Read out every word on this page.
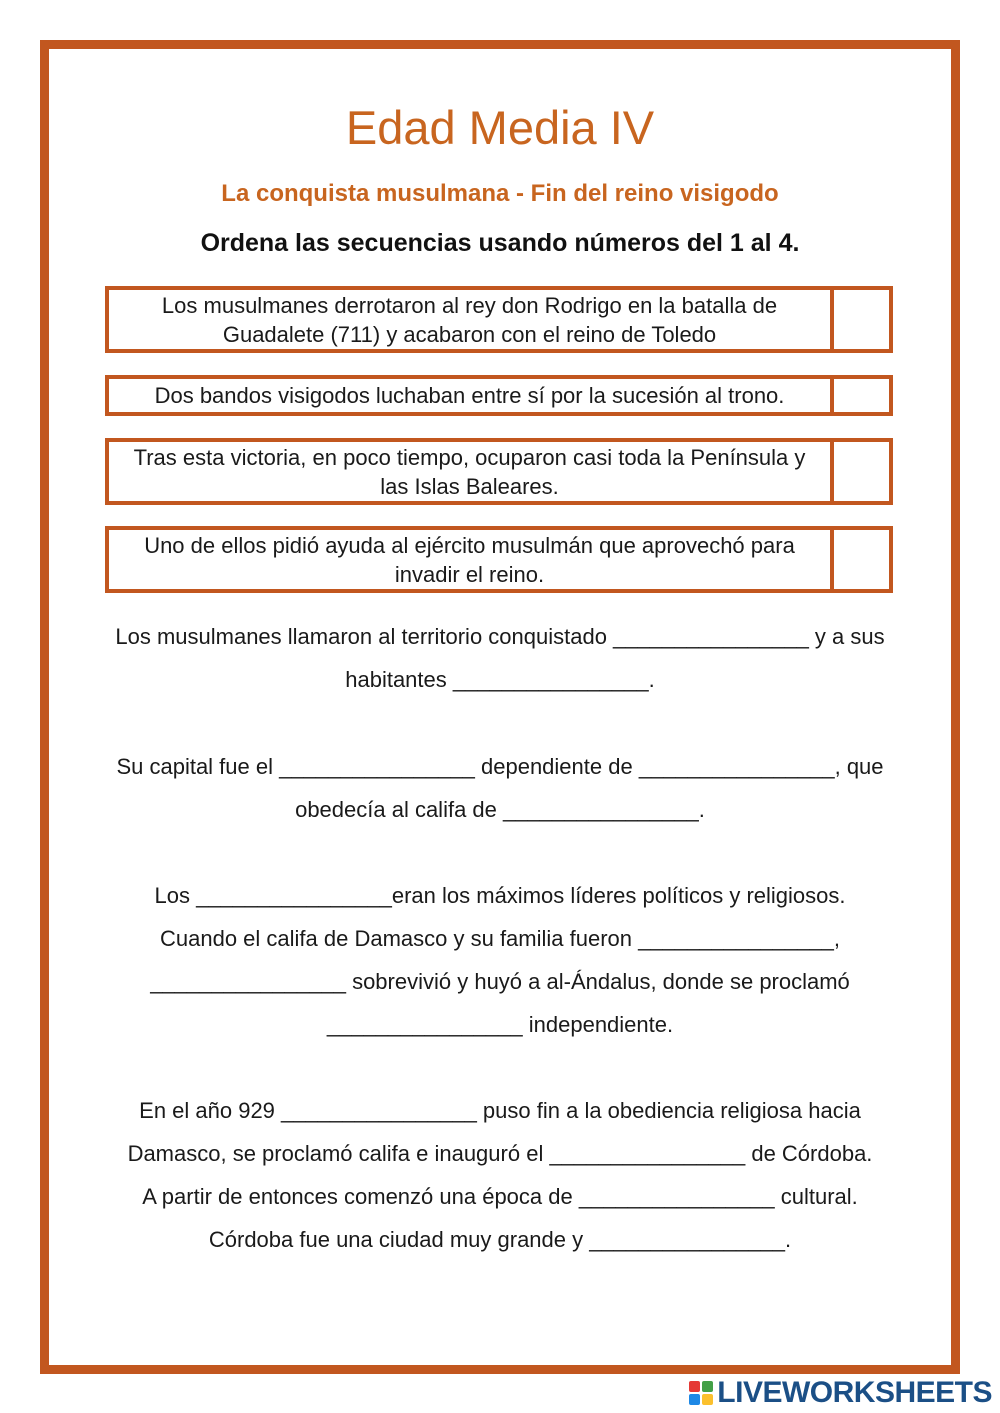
Edad Media IV
La conquista musulmana - Fin del reino visigodo

Ordena las secuencias usando números del 1 al 4.

Los musulmanes derrotaron al rey don Rodrigo en la batalla de Guadalete (711) y acabaron con el reino de Toledo
Dos bandos visigodos luchaban entre sí por la sucesión al trono.
Tras esta victoria, en poco tiempo, ocuparon casi toda la Península y las Islas Baleares.
Uno de ellos pidió ayuda al ejército musulmán que aprovechó para invadir el reino.

Los musulmanes llamaron al territorio conquistado ________________ y a sus
habitantes ________________.

Su capital fue el ________________ dependiente de ________________, que
obedecía al califa de ________________.

Los ________________eran los máximos líderes políticos y religiosos.
Cuando el califa de Damasco y su familia fueron ________________,
________________ sobrevivió y huyó a al-Ándalus, donde se proclamó
________________ independiente.

En el año 929 ________________ puso fin a la obediencia religiosa hacia
Damasco, se proclamó califa e inauguró el ________________ de Córdoba.
A partir de entonces comenzó una época de ________________ cultural.
Córdoba fue una ciudad muy grande y ________________.

LIVEWORKSHEETS
